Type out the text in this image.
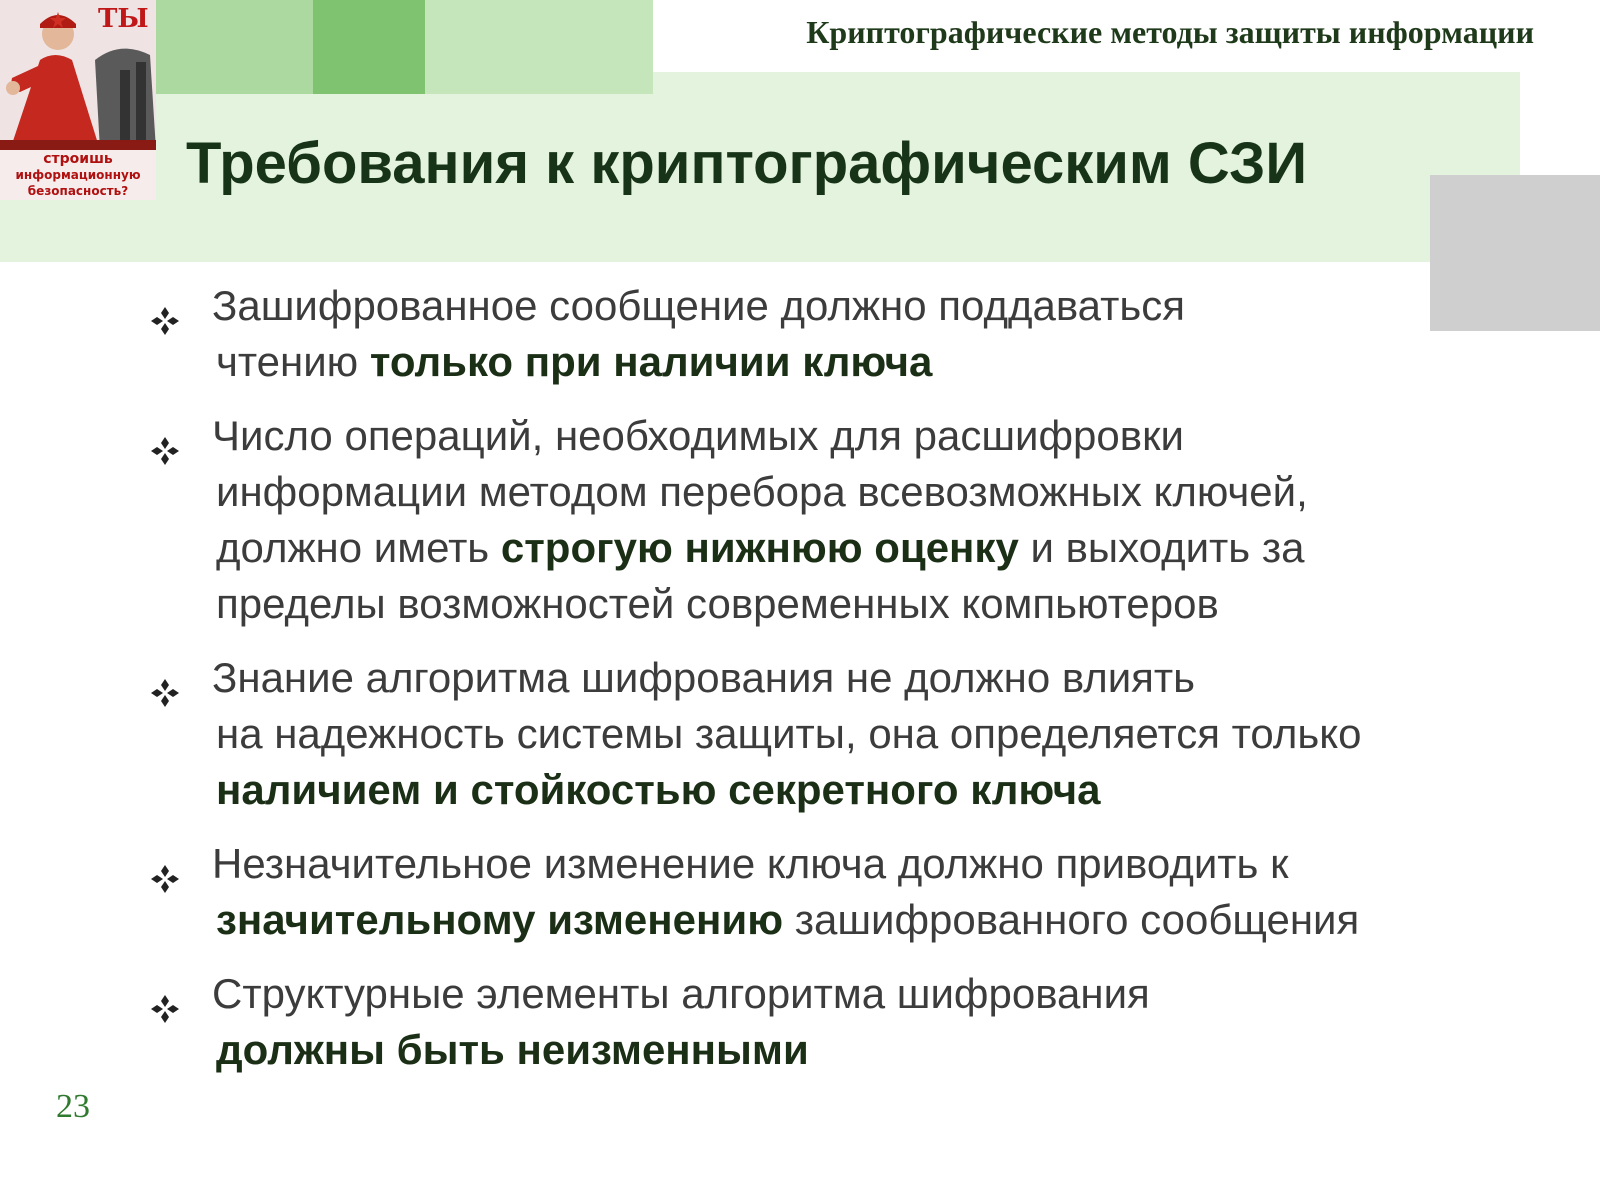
ТЫ
строишь
информационную
безопасность?
Криптографические методы защиты информации
Требования к криптографическим СЗИ
Зашифрованное сообщение должно поддаваться
чтению только при наличии ключа
Число операций, необходимых для расшифровки
информации методом перебора всевозможных ключей,
должно иметь строгую нижнюю оценку и выходить за
пределы возможностей современных компьютеров
Знание алгоритма шифрования не должно влиять
на надежность системы защиты, она определяется только
наличием и стойкостью секретного ключа
Незначительное изменение ключа должно приводить к
значительному изменению зашифрованного сообщения
Структурные элементы алгоритма шифрования
должны быть неизменными
23
